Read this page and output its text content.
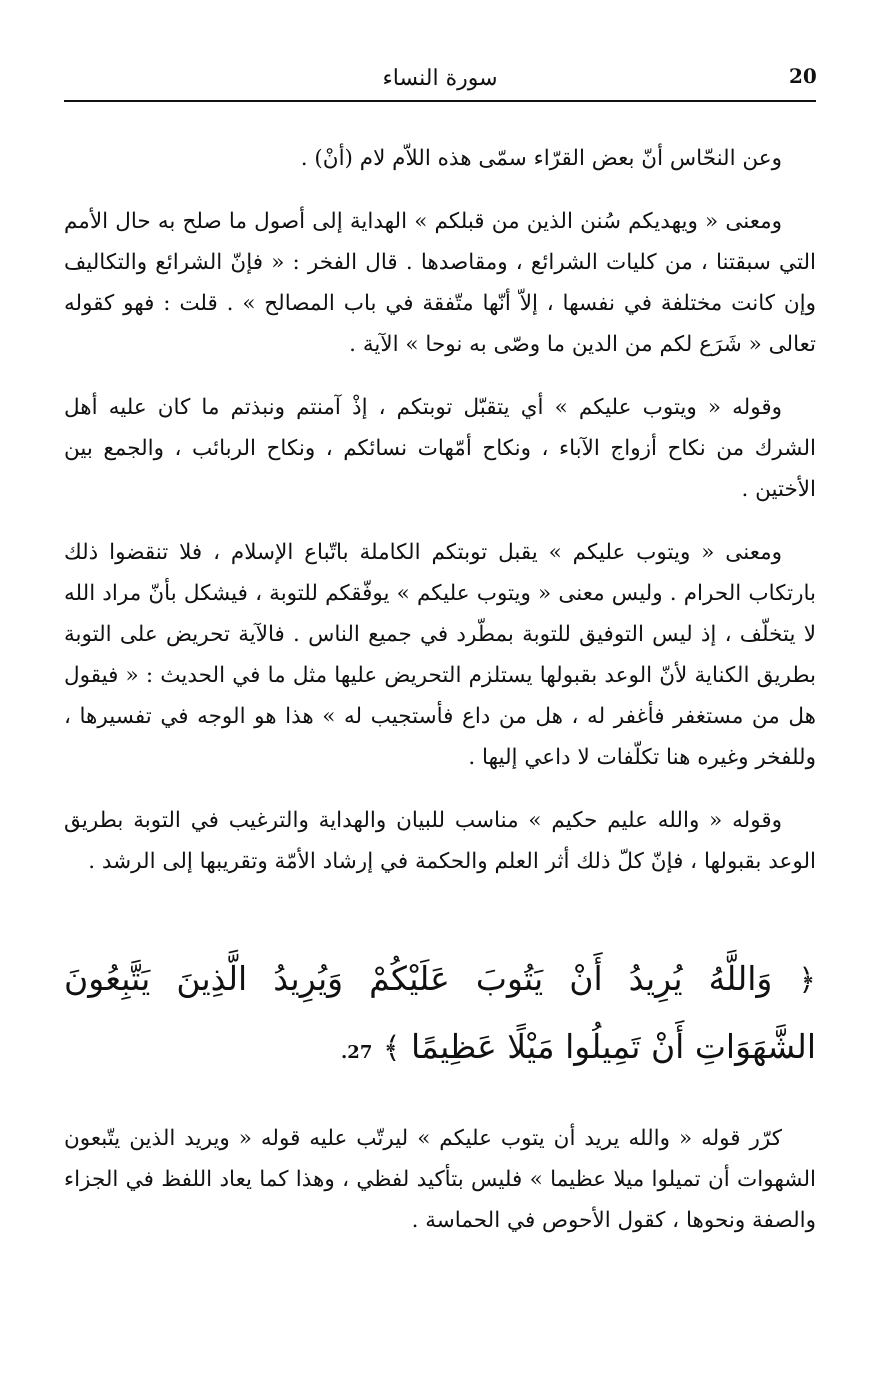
20
سورة النساء

وعن النحّاس أنّ بعض القرّاء سمّى هذه اللاّم لام (أنْ) .

ومعنى « ويهديكم سُنن الذين من قبلكم » الهداية إلى أصول ما صلح به حال الأمم التي سبقتنا ، من كليات الشرائع ، ومقاصدها . قال الفخر : « فإنّ الشرائع والتكاليف وإن كانت مختلفة في نفسها ، إلاّ أنّها متّفقة في باب المصالح » . قلت : فهو كقوله تعالى « شَرَع لكم من الدين ما وصّى به نوحا » الآية .

وقوله « ويتوب عليكم » أي يتقبّل توبتكم ، إذْ آمنتم ونبذتم ما كان عليه أهل الشرك من نكاح أزواج الآباء ، ونكاح أمّهات نسائكم ، ونكاح الربائب ، والجمع بين الأختين .

ومعنى « ويتوب عليكم » يقبل توبتكم الكاملة باتّباع الإسلام ، فلا تنقضوا ذلك بارتكاب الحرام . وليس معنى « ويتوب عليكم » يوفّقكم للتوبة ، فيشكل بأنّ مراد الله لا يتخلّف ، إذ ليس التوفيق للتوبة بمطّرد في جميع الناس . فالآية تحريض على التوبة بطريق الكناية لأنّ الوعد بقبولها يستلزم التحريض عليها مثل ما في الحديث : « فيقول هل من مستغفر فأغفر له ، هل من داع فأستجيب له » هذا هو الوجه في تفسيرها ، وللفخر وغيره هنا تكلّفات لا داعي إليها .

وقوله « والله عليم حكيم » مناسب للبيان والهداية والترغيب في التوبة بطريق الوعد بقبولها ، فإنّ كلّ ذلك أثر العلم والحكمة في إرشاد الأمّة وتقريبها إلى الرشد .

﴿ وَاللَّهُ يُرِيدُ أَنْ يَتُوبَ عَلَيْكُمْ وَيُرِيدُ الَّذِينَ يَتَّبِعُونَ الشَّهَوَاتِ أَنْ تَمِيلُوا مَيْلًا عَظِيمًا ﴾ 27.

كرّر قوله « والله يريد أن يتوب عليكم » ليرتّب عليه قوله « ويريد الذين يتّبعون الشهوات أن تميلوا ميلا عظيما » فليس بتأكيد لفظي ، وهذا كما يعاد اللفظ في الجزاء والصفة ونحوها ، كقول الأحوص في الحماسة .
